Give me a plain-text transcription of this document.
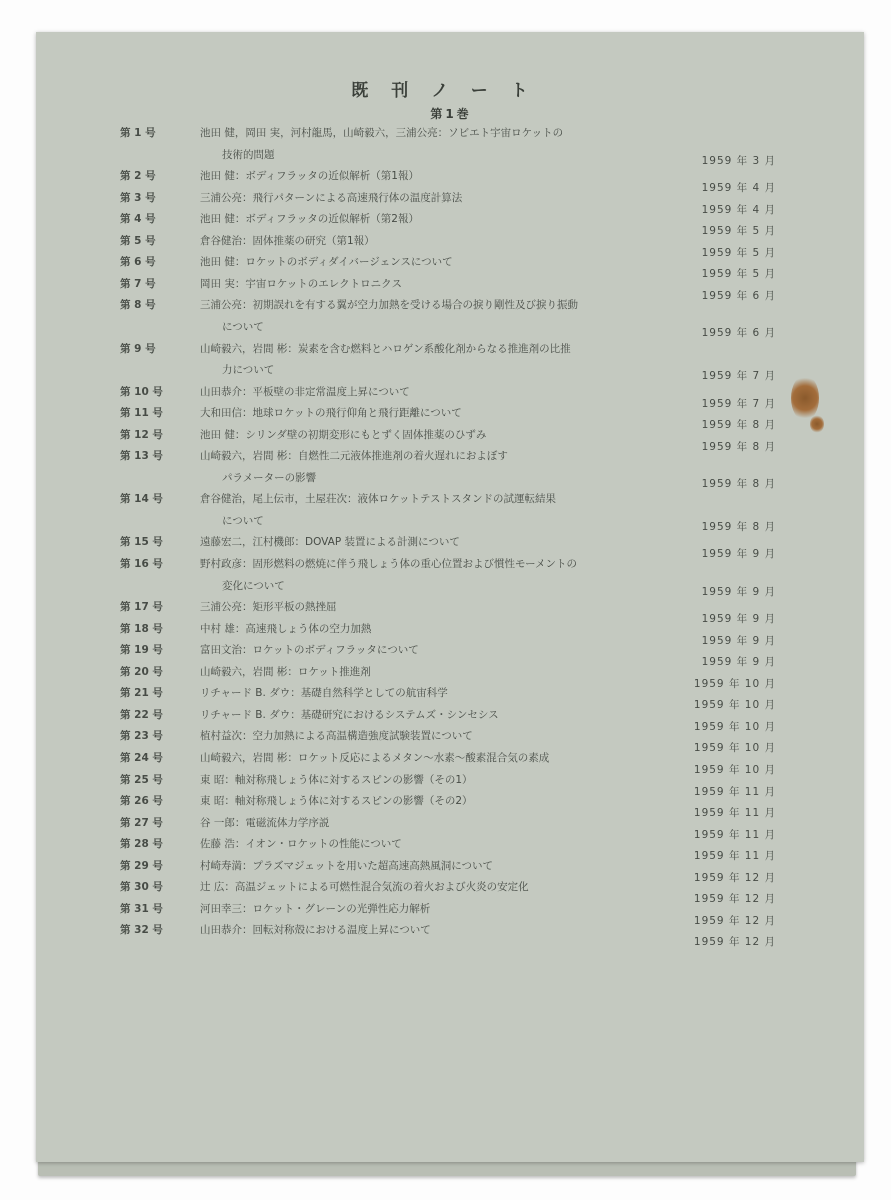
既刊ノート
第1巻
第 1 号	池田 健，岡田 実，河村龍馬，山崎毅六，三浦公亮：ソビエト宇宙ロケットの
技術的問題	1959 年 3 月
第 2 号	池田 健：ボディフラッタの近似解析（第1報）
1959 年 4 月
第 3 号	三浦公亮：飛行パターンによる高速飛行体の温度計算法
1959 年 4 月
第 4 号	池田 健：ボディフラッタの近似解析（第2報）
1959 年 5 月
第 5 号	倉谷健治：固体推薬の研究（第1報）
1959 年 5 月
第 6 号	池田 健：ロケットのボディダイバージェンスについて
1959 年 5 月
第 7 号	岡田 実：宇宙ロケットのエレクトロニクス
1959 年 6 月
第 8 号	三浦公亮：初期誤れを有する翼が空力加熱を受ける場合の捩り剛性及び捩り振動
について	1959 年 6 月
第 9 号	山崎毅六，岩間 彬：炭素を含む燃料とハロゲン系酸化剤からなる推進剤の比推
力について	1959 年 7 月
第 10 号	山田恭介：平板壁の非定常温度上昇について
1959 年 7 月
第 11 号	大和田信：地球ロケットの飛行仰角と飛行距離について
1959 年 8 月
第 12 号	池田 健：シリンダ壁の初期変形にもとずく固体推薬のひずみ
1959 年 8 月
第 13 号	山崎毅六，岩間 彬：自燃性二元液体推進剤の着火遅れにおよぼす
パラメーターの影響	1959 年 8 月
第 14 号	倉谷健治，尾上伝市，土屋荘次：液体ロケットテストスタンドの試運転結果
について	1959 年 8 月
第 15 号	遠藤宏二，江村機郎：DOVAP 装置による計測について
1959 年 9 月
第 16 号	野村政彦：固形燃料の燃焼に伴う飛しょう体の重心位置および慣性モーメントの
変化について	1959 年 9 月
第 17 号	三浦公亮：矩形平板の熱挫屈
1959 年 9 月
第 18 号	中村 雄：高速飛しょう体の空力加熱
1959 年 9 月
第 19 号	富田文治：ロケットのボディフラッタについて
1959 年 9 月
第 20 号	山崎毅六，岩間 彬：ロケット推進剤
1959 年 10 月
第 21 号	リチャード B. ダウ：基礎自然科学としての航宙科学
1959 年 10 月
第 22 号	リチャード B. ダウ：基礎研究におけるシステムズ・シンセシス
1959 年 10 月
第 23 号	植村益次：空力加熱による高温構造強度試験装置について
1959 年 10 月
第 24 号	山崎毅六，岩間 彬：ロケット反応によるメタン〜水素〜酸素混合気の素成
1959 年 10 月
第 25 号	東 昭：軸対称飛しょう体に対するスピンの影響（その1）
1959 年 11 月
第 26 号	東 昭：軸対称飛しょう体に対するスピンの影響（その2）
1959 年 11 月
第 27 号	谷 一郎：電磁流体力学序説
1959 年 11 月
第 28 号	佐藤 浩：イオン・ロケットの性能について
1959 年 11 月
第 29 号	村崎寿満：プラズマジェットを用いた超高速高熱風洞について
1959 年 12 月
第 30 号	辻 広：高温ジェットによる可燃性混合気流の着火および火炎の安定化
1959 年 12 月
第 31 号	河田幸三：ロケット・グレーンの光弾性応力解析
1959 年 12 月
第 32 号	山田恭介：回転対称殻における温度上昇について
1959 年 12 月
